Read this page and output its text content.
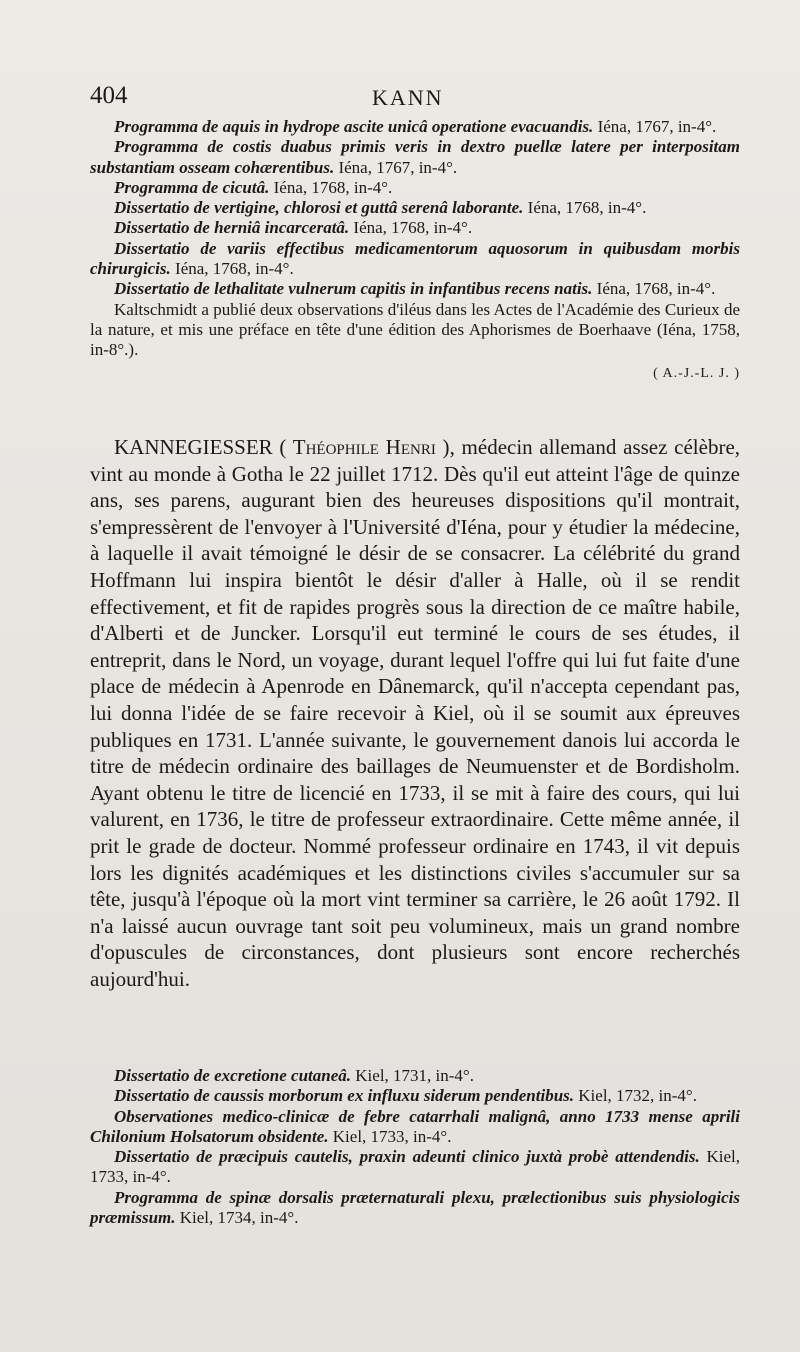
404	KANN
Programma de aquis in hydrope ascite unicâ operatione evacuandis. Iéna, 1767, in-4°.
Programma de costis duabus primis veris in dextro puellæ latere per interpositam substantiam osseam cohærentibus. Iéna, 1767, in-4°.
Programma de cicutâ. Iéna, 1768, in-4°.
Dissertatio de vertigine, chlorosi et guttâ serenâ laborante. Iéna, 1768, in-4°.
Dissertatio de herniâ incarceratâ. Iéna, 1768, in-4°.
Dissertatio de variis effectibus medicamentorum aquosorum in quibusdam morbis chirurgicis. Iéna, 1768, in-4°.
Dissertatio de lethalitate vulnerum capitis in infantibus recens natis. Iéna, 1768, in-4°.
Kaltschmidt a publié deux observations d'iléus dans les Actes de l'Académie des Curieux de la nature, et mis une préface en tête d'une édition des Aphorismes de Boerhaave (Iéna, 1758, in-8°.).
( A.-J.-L. J. )

KANNEGIESSER ( Théophile Henri ), médecin allemand assez célèbre, vint au monde à Gotha le 22 juillet 1712. Dès qu'il eut atteint l'âge de quinze ans, ses parens, augurant bien des heureuses dispositions qu'il montrait, s'empressèrent de l'envoyer à l'Université d'Iéna, pour y étudier la médecine, à laquelle il avait témoigné le désir de se consacrer. La célébrité du grand Hoffmann lui inspira bientôt le désir d'aller à Halle, où il se rendit effectivement, et fit de rapides progrès sous la direction de ce maître habile, d'Alberti et de Juncker. Lorsqu'il eut terminé le cours de ses études, il entreprit, dans le Nord, un voyage, durant lequel l'offre qui lui fut faite d'une place de médecin à Apenrode en Dânemarck, qu'il n'accepta cependant pas, lui donna l'idée de se faire recevoir à Kiel, où il se soumit aux épreuves publiques en 1731. L'année suivante, le gouvernement danois lui accorda le titre de médecin ordinaire des baillages de Neumuenster et de Bordisholm. Ayant obtenu le titre de licencié en 1733, il se mit à faire des cours, qui lui valurent, en 1736, le titre de professeur extraordinaire. Cette même année, il prit le grade de docteur. Nommé professeur ordinaire en 1743, il vit depuis lors les dignités académiques et les distinctions civiles s'accumuler sur sa tête, jusqu'à l'époque où la mort vint terminer sa carrière, le 26 août 1792. Il n'a laissé aucun ouvrage tant soit peu volumineux, mais un grand nombre d'opuscules de circonstances, dont plusieurs sont encore recherchés aujourd'hui.

Dissertatio de excretione cutaneâ. Kiel, 1731, in-4°.
Dissertatio de caussis morborum ex influxu siderum pendentibus. Kiel, 1732, in-4°.
Observationes medico-clinicæ de febre catarrhali malignâ, anno 1733 mense aprili Chilonium Holsatorum obsidente. Kiel, 1733, in-4°.
Dissertatio de præcipuis cautelis, praxin adeunti clinico juxtà probè attendendis. Kiel, 1733, in-4°.
Programma de spinæ dorsalis præternaturali plexu, prælectionibus suis physiologicis præmissum. Kiel, 1734, in-4°.
